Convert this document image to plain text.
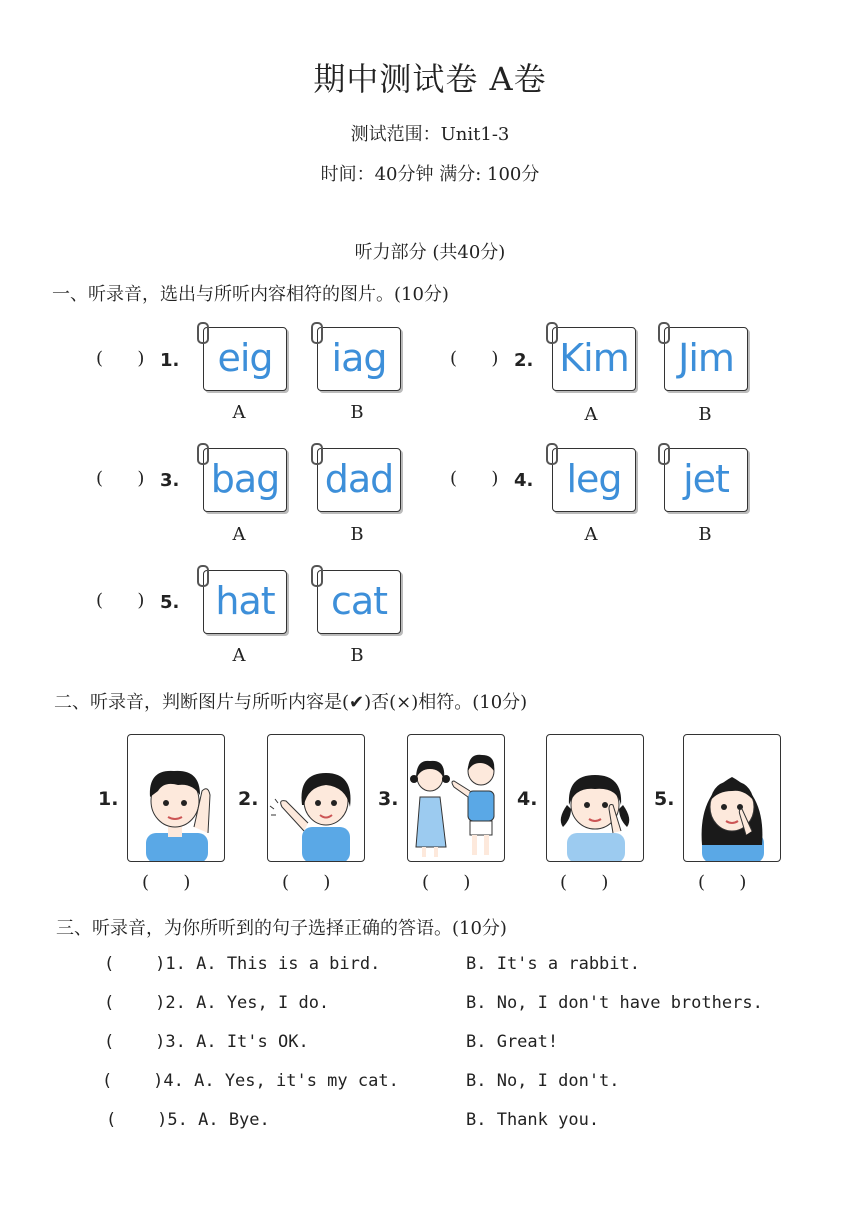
期中测试卷 A卷
测试范围：Unit1-3
时间：40分钟 满分: 100分
听力部分 (共40分)
一、听录音，选出与所听内容相符的图片。(10分)
(      ) 1.	eig	iag
A	B
(      ) 2. Kim	Jim
A	B
(      ) 3. bag dad
A	B
(      ) 4. leg	jet
A	B
(      ) 5. hat	cat
A	B
二、听录音，判断图片与所听内容是(✔)否(×)相符。(10分)
1.
(      )
2.
(      )
3.
(      )
4.
(      )
5.
(      )
三、听录音，为你所听到的句子选择正确的答语。(10分)
(    )1. A. This is a bird.	B. It's a rabbit.
(    )2. A. Yes, I do.	B. No, I don't have brothers.
(    )3. A. It's OK.	B. Great!
(    )4. A. Yes, it's my cat.	B. No, I don't.
(    )5. A. Bye.	B. Thank you.
